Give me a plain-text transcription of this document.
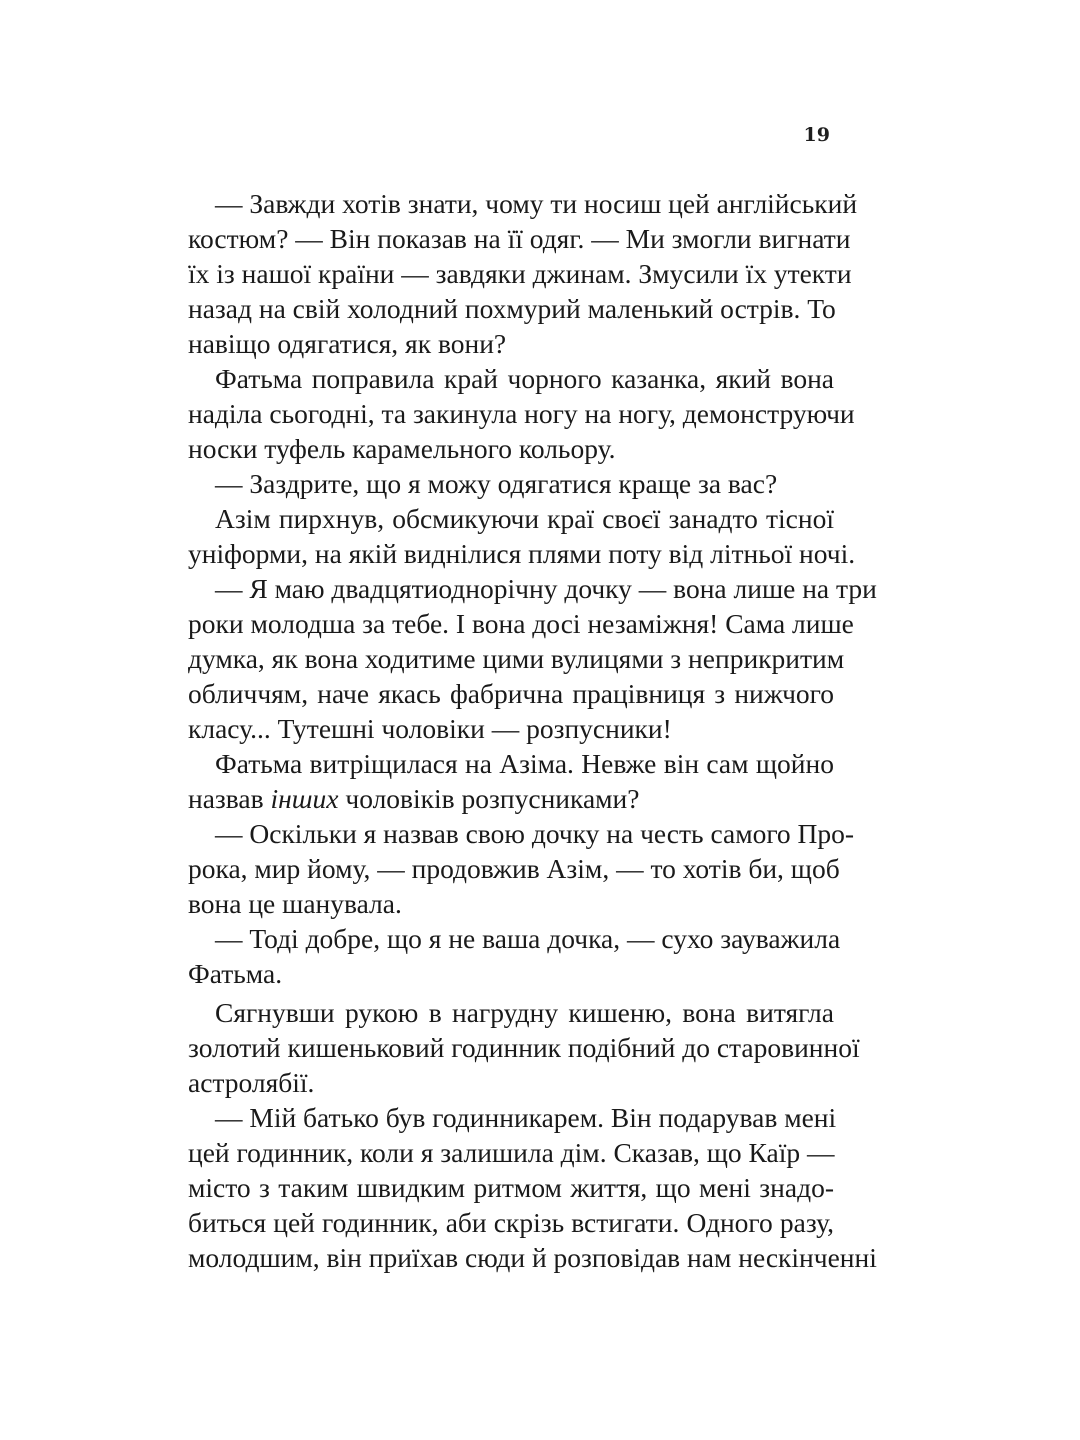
19
— Завжди хотів знати, чому ти носиш цей англійський
костюм? — Він показав на її одяг. — Ми змогли вигнати
їх із нашої країни — завдяки джинам. Змусили їх утекти
назад на свій холодний похмурий маленький острів. То
навіщо одягатися, як вони?
Фатьма поправила край чорного казанка, який вона
наділа сьогодні, та закинула ногу на ногу, демонструючи
носки туфель карамельного кольору.
— Заздрите, що я можу одягатися краще за вас?
Азім пирхнув, обсмикуючи краї своєї занадто тісної
уніформи, на якій виднілися плями поту від літньої ночі.
— Я маю двадцятиоднорічну дочку — вона лише на три
роки молодша за тебе. І вона досі незаміжня! Сама лише
думка, як вона ходитиме цими вулицями з неприкритим
обличчям, наче якась фабрична працівниця з нижчого
класу... Тутешні чоловіки — розпусники!
Фатьма витріщилася на Азіма. Невже він сам щойно
назвав інших чоловіків розпусниками?
— Оскільки я назвав свою дочку на честь самого Про-
рока, мир йому, — продовжив Азім, — то хотів би, щоб
вона це шанувала.
— Тоді добре, що я не ваша дочка, — сухо зауважила
Фатьма.
Сягнувши рукою в нагрудну кишеню, вона витягла
золотий кишеньковий годинник подібний до старовинної
астролябії.
— Мій батько був годинникарем. Він подарував мені
цей годинник, коли я залишила дім. Сказав, що Каїр —
місто з таким швидким ритмом життя, що мені знадо-
биться цей годинник, аби скрізь встигати. Одного разу,
молодшим, він приїхав сюди й розповідав нам нескінченні
